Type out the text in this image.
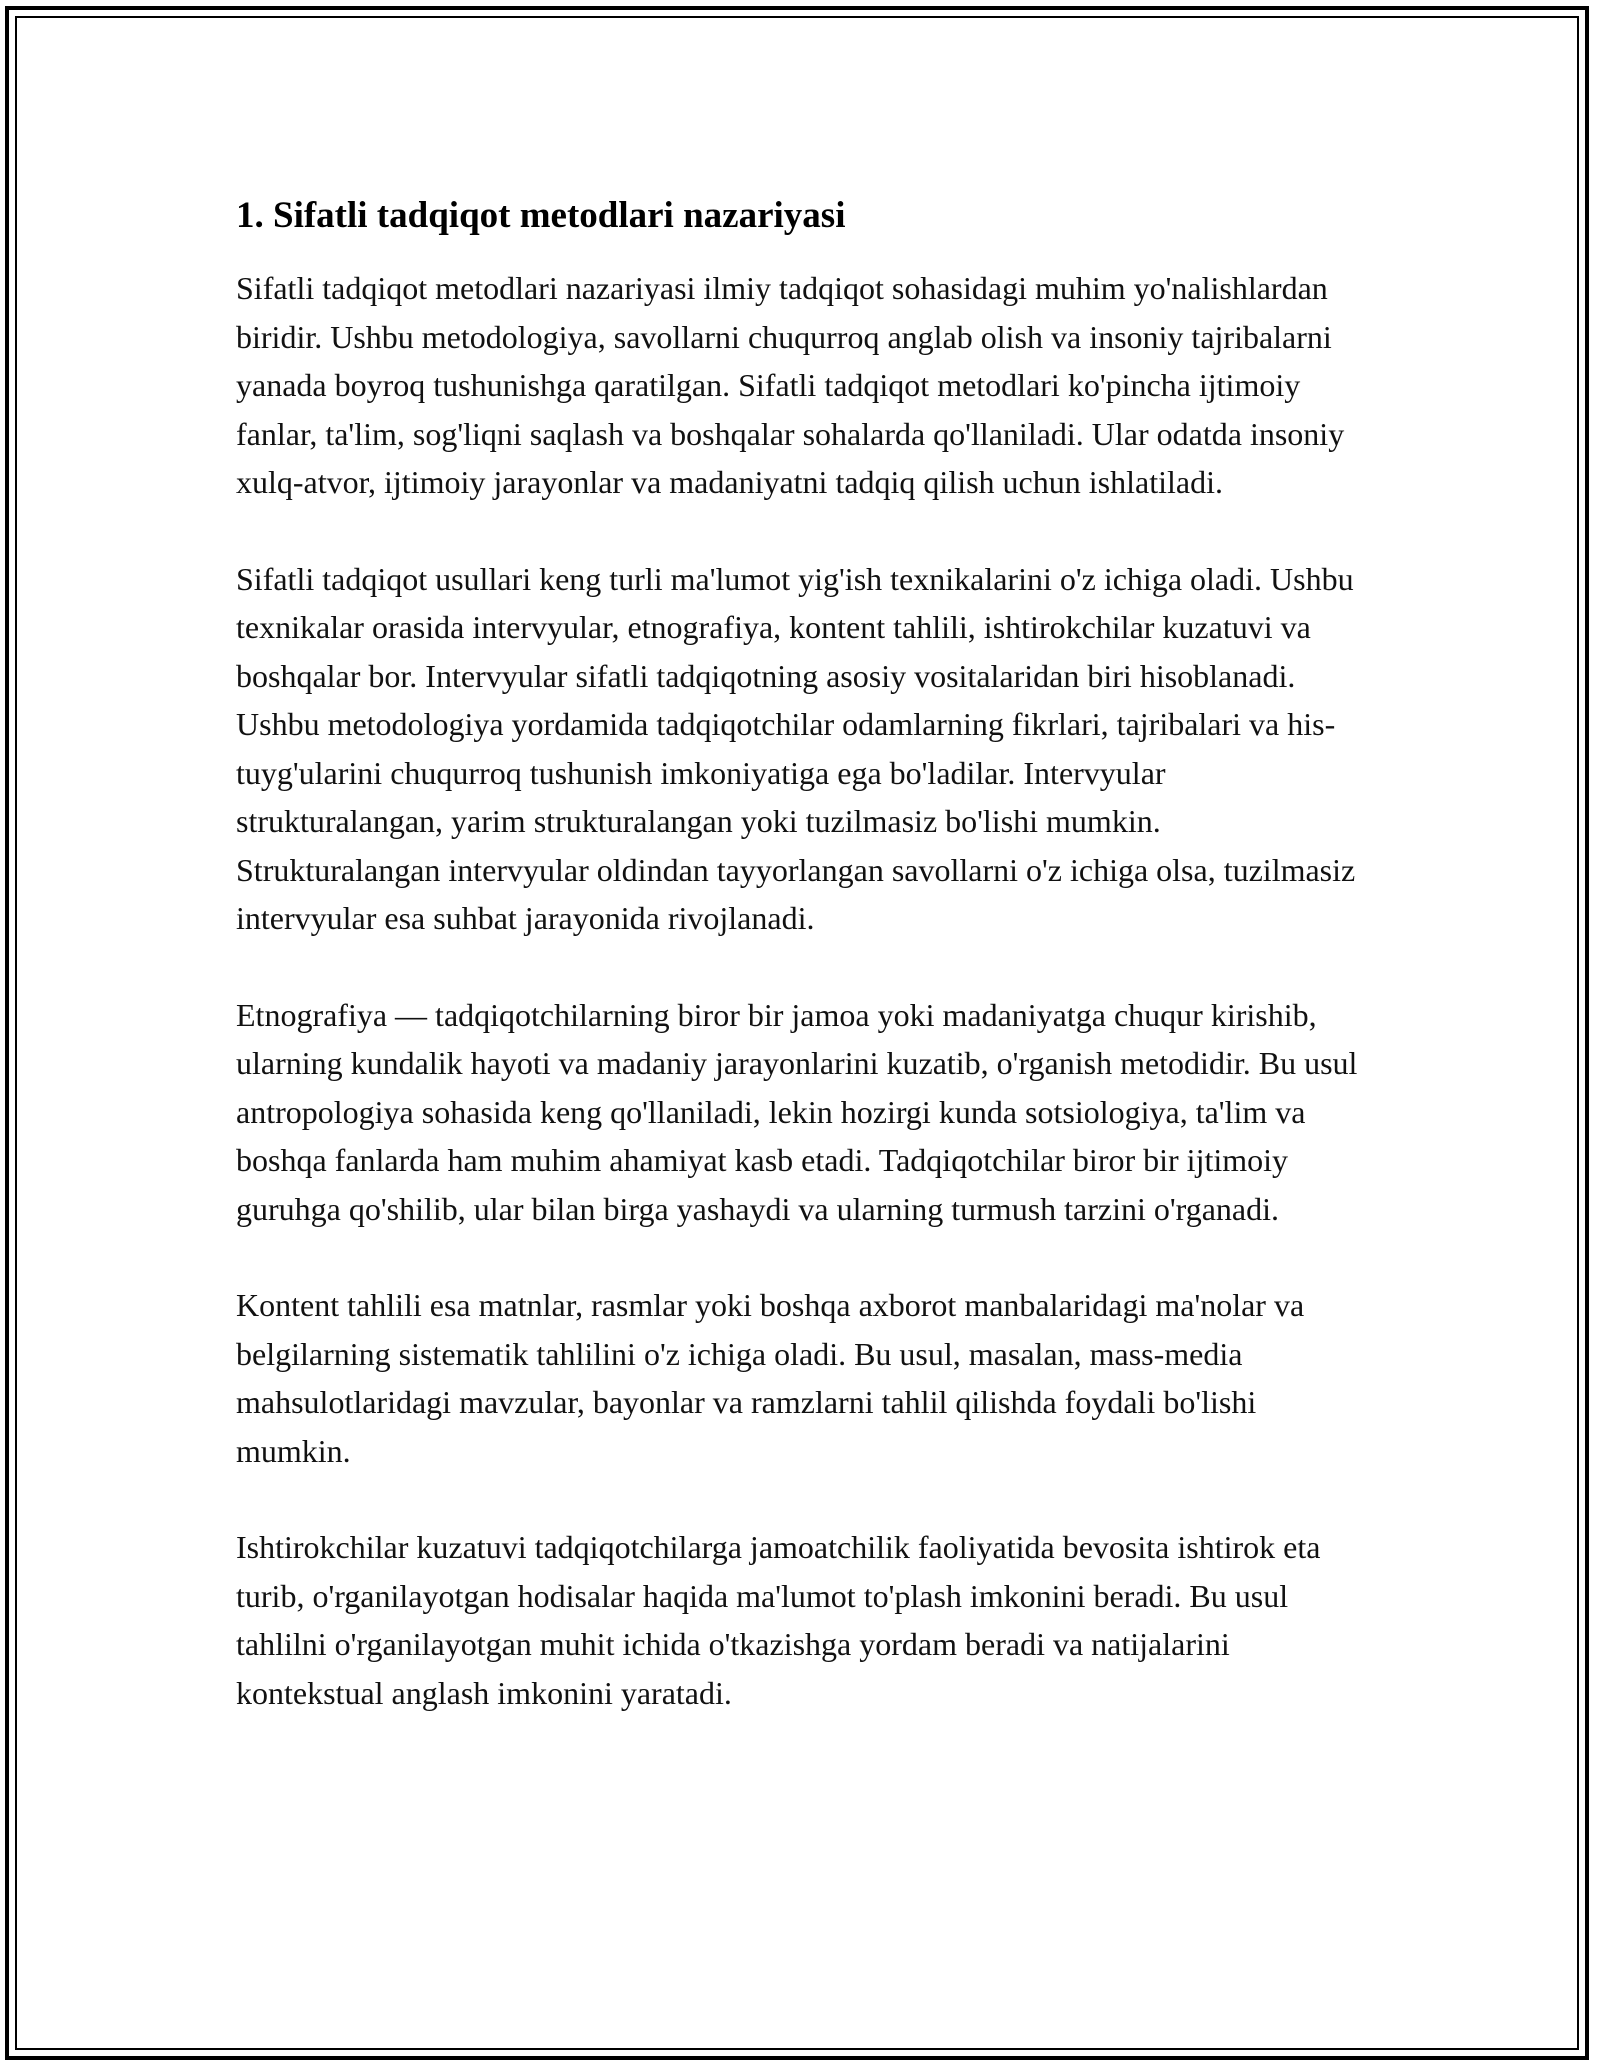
1. Sifatli tadqiqot metodlari nazariyasi

Sifatli tadqiqot metodlari nazariyasi ilmiy tadqiqot sohasidagi muhim yo'nalishlardan biridir. Ushbu metodologiya, savollarni chuqurroq anglab olish va insoniy tajribalarni yanada boyroq tushunishga qaratilgan. Sifatli tadqiqot metodlari ko'pincha ijtimoiy fanlar, ta'lim, sog'liqni saqlash va boshqalar sohalarda qo'llaniladi. Ular odatda insoniy xulq-atvor, ijtimoiy jarayonlar va madaniyatni tadqiq qilish uchun ishlatiladi.

Sifatli tadqiqot usullari keng turli ma'lumot yig'ish texnikalarini o'z ichiga oladi. Ushbu texnikalar orasida intervyular, etnografiya, kontent tahlili, ishtirokchilar kuzatuvi va boshqalar bor. Intervyular sifatli tadqiqotning asosiy vositalaridan biri hisoblanadi. Ushbu metodologiya yordamida tadqiqotchilar odamlarning fikrlari, tajribalari va his-tuyg'ularini chuqurroq tushunish imkoniyatiga ega bo'ladilar. Intervyular strukturalangan, yarim strukturalangan yoki tuzilmasiz bo'lishi mumkin. Strukturalangan intervyular oldindan tayyorlangan savollarni o'z ichiga olsa, tuzilmasiz intervyular esa suhbat jarayonida rivojlanadi.

Etnografiya — tadqiqotchilarning biror bir jamoa yoki madaniyatga chuqur kirishib, ularning kundalik hayoti va madaniy jarayonlarini kuzatib, o'rganish metodidir. Bu usul antropologiya sohasida keng qo'llaniladi, lekin hozirgi kunda sotsiologiya, ta'lim va boshqa fanlarda ham muhim ahamiyat kasb etadi. Tadqiqotchilar biror bir ijtimoiy guruhga qo'shilib, ular bilan birga yashaydi va ularning turmush tarzini o'rganadi.

Kontent tahlili esa matnlar, rasmlar yoki boshqa axborot manbalaridagi ma'nolar va belgilarning sistematik tahlilini o'z ichiga oladi. Bu usul, masalan, mass-media mahsulotlaridagi mavzular, bayonlar va ramzlarni tahlil qilishda foydali bo'lishi mumkin.

Ishtirokchilar kuzatuvi tadqiqotchilarga jamoatchilik faoliyatida bevosita ishtirok eta turib, o'rganilayotgan hodisalar haqida ma'lumot to'plash imkonini beradi. Bu usul tahlilni o'rganilayotgan muhit ichida o'tkazishga yordam beradi va natijalarini kontekstual anglash imkonini yaratadi.
